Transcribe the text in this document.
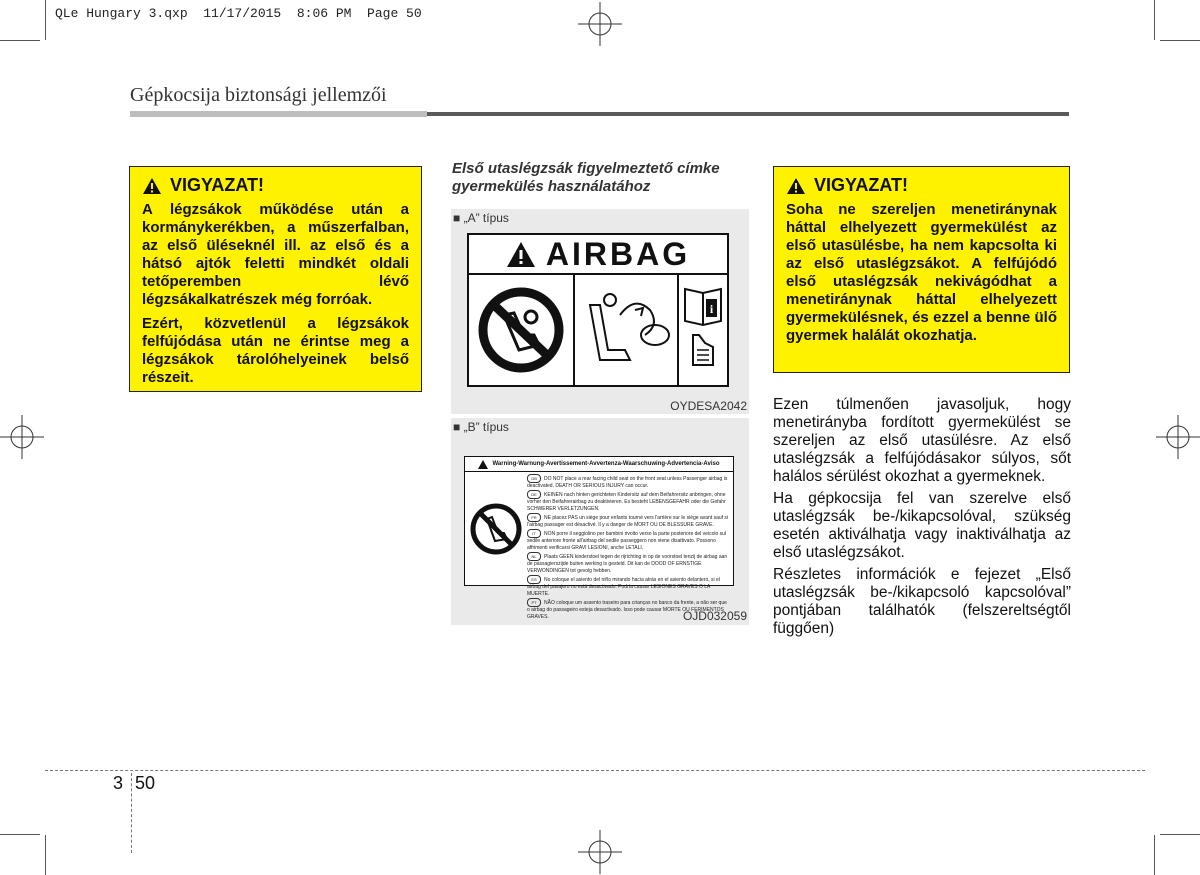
QLe Hungary 3.qxp  11/17/2015  8:06 PM  Page 50
Gépkocsija biztonsági jellemzői
VIGYAZAT!

A légzsákok működése után a kormánykerékben, a műszerfalban, az első üléseknél ill. az első és a hátsó ajtók feletti mindkét oldali tetőperemben lévő légzsákalkatrészek még forróak.

Ezért, közvetlenül a légzsákok felfújódása után ne érintse meg a légzsákok tárolóhelyeinek belső részeit.

Első utaslégzsák figyelmeztető címke gyermekülés használatához
■ „A” típus
AIRBAG
i
OYDESA2042
■ „B” típus
Warning-Warnung-Avertissement-Avvertenza-Waarschuwing-Advertencia-Aviso
GB DO NOT place a rear facing child seat on the front seat unless Passenger airbag is deactivated. DEATH OR SERIOUS INJURY can occur.
DE KEINEN nach hinten gerichteten Kindersitz auf dem Beifahrersitz anbringen, ohne vorher den Beifahrerairbag zu deaktivieren. Es besteht LEBENSGEFAHR oder die Gefahr SCHWERER VERLETZUNGEN.
FR NE placez PAS un siège pour enfants tourné vers l'arrière sur le siège avant sauf si l'airbag passager est désactivé. Il y a danger de MORT OU DE BLESSURE GRAVE.
IT NON porre il seggiolino per bambini rivolto verso la parte posteriore del veicolo sul sedile anteriore fronte all'airbag del sedile passeggero non viene disattivato. Possono affrimenti verificarsi GRAVI LESIONI, anche LETALI.
NL Plaats GEEN kinderstoel tegen de rijrichting in op de voorstoel tenzij de airbag aan de passagierszijde buiten werking is gesteld. Dit kan de DOOD OF ERNSTIGE VERWONDINGEN tot gevolg hebben.
ES No coloque el asiento del niño mirando hacia atrás en el asiento delantero, si el airbag del pasajero no está desactivado. Podría causar LESIONES GRAVES O LA MUERTE.
PT NÃO coloque um assento traseiro para crianças no banco da frente, a não ser que o airbag do passageiro esteja desactivado. Isso pode causar MORTE OU FERIMENTOS GRAVES.	OJD032059
VIGYAZAT!

Soha ne szereljen menetiránynak háttal elhelyezett gyermekülést az első utasülésbe, ha nem kapcsolta ki az első utaslégzsákot. A felfújódó első utaslégzsák nekivágódhat a menetiránynak háttal elhelyezett gyermekülésnek, és ezzel a benne ülő gyermek halálát okozhatja.

Ezen túlmenően javasoljuk, hogy menetirányba fordított gyermekülést se szereljen az első utasülésre. Az első utaslégzsák a felfújódásakor súlyos, sőt halálos sérülést okozhat a gyermeknek.

Ha gépkocsija fel van szerelve első utaslégzsák be-/kikapcsolóval, szükség esetén aktiválhatja vagy inaktiválhatja az első utaslégzsákot.

Részletes információk e fejezet „Első utaslégzsák be-/kikapcsoló kapcsolóval” pontjában találhatók (felszereltségtől függően)

3 50
